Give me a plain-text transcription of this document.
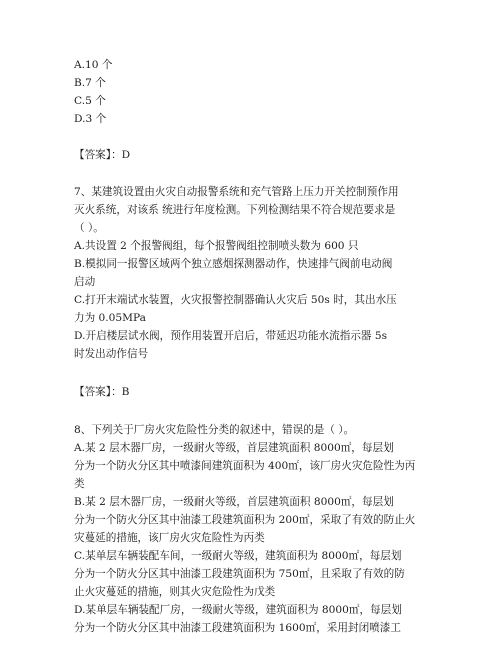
A.10 个
B.7 个
C.5 个
D.3 个
【答案】：D
7、某建筑设置由火灾自动报警系统和充气管路上压力开关控制预作用
灭火系统，对该系 统进行年度检测。下列检测结果不符合规范要求是
（ ）。
A.共设置 2 个报警阀组，每个报警阀组控制喷头数为 600 只
B.模拟同一报警区域两个独立感烟探测器动作，快速排气阀前电动阀
启动
C.打开末端试水装置，火灾报警控制器确认火灾后 50s 时，其出水压
力为 0.05MPa
D.开启楼层试水阀，预作用装置开启后，带延迟功能水流指示器 5s
时发出动作信号
【答案】：B
8、下列关于厂房火灾危险性分类的叙述中，错误的是（ ）。
A.某 2 层木器厂房，一级耐火等级，首层建筑面积 8000㎡，每层划
分为一个防火分区其中喷漆间建筑面积为 400㎡，该厂房火灾危险性为丙
类
B.某 2 层木器厂房，一级耐火等级，首层建筑面积 8000㎡，每层划
分为一个防火分区其中油漆工段建筑面积为 200㎡，采取了有效的防止火
灾蔓延的措施，该厂房火灾危险性为丙类
C.某单层车辆装配车间，一级耐火等级，建筑面积为 8000㎡，每层划
分为一个防火分区其中油漆工段建筑面积为 750㎡，且采取了有效的防
止火灾蔓延的措施，则其火灾危险性为戊类
D.某单层车辆装配厂房，一级耐火等级，建筑面积为 8000㎡，每层划
分为一个防火分区其中油漆工段建筑面积为 1600㎡，采用封闭喷漆工
